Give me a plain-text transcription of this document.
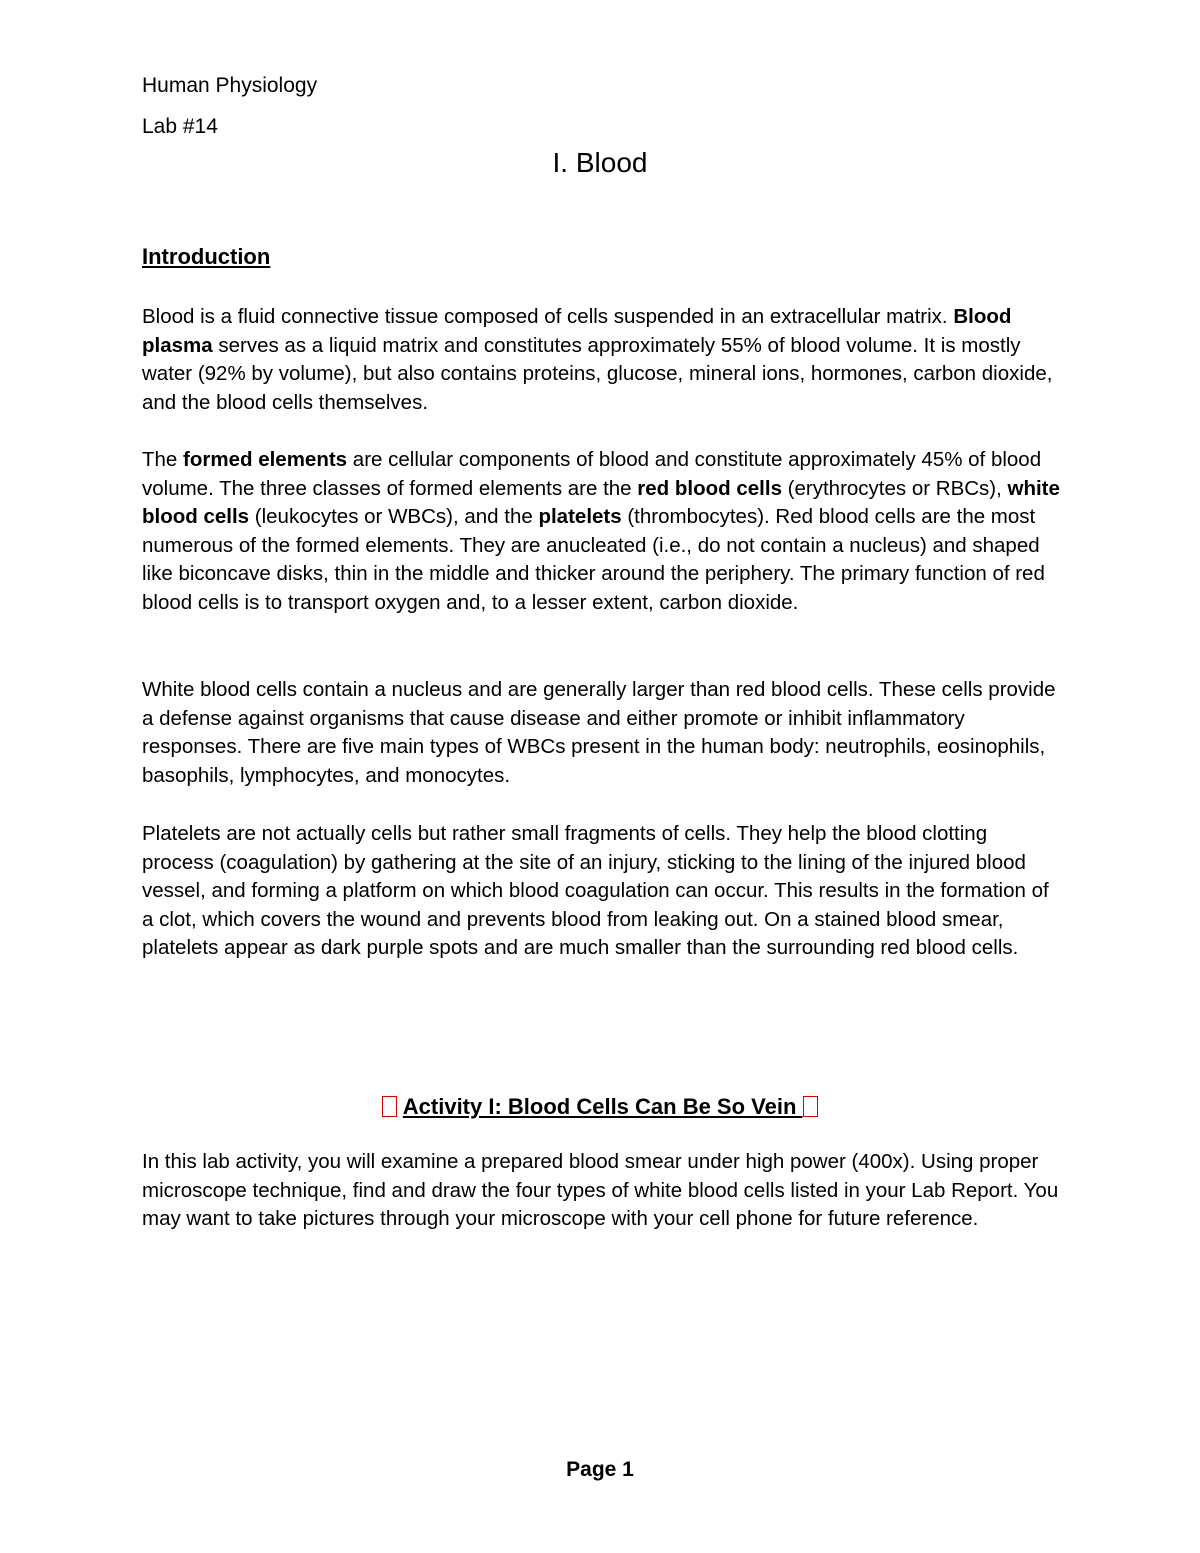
Human Physiology
Lab #14
I. Blood
Introduction

Blood is a fluid connective tissue composed of cells suspended in an extracellular matrix. Blood plasma serves as a liquid matrix and constitutes approximately 55% of blood volume. It is mostly water (92% by volume), but also contains proteins, glucose, mineral ions, hormones, carbon dioxide, and the blood cells themselves.

The formed elements are cellular components of blood and constitute approximately 45% of blood volume. The three classes of formed elements are the red blood cells (erythrocytes or RBCs), white blood cells (leukocytes or WBCs), and the platelets (thrombocytes). Red blood cells are the most numerous of the formed elements. They are anucleated (i.e., do not contain a nucleus) and shaped like biconcave disks, thin in the middle and thicker around the periphery. The primary function of red blood cells is to transport oxygen and, to a lesser extent, carbon dioxide.

White blood cells contain a nucleus and are generally larger than red blood cells. These cells provide a defense against organisms that cause disease and either promote or inhibit inflammatory responses. There are five main types of WBCs present in the human body: neutrophils, eosinophils, basophils, lymphocytes, and monocytes.

Platelets are not actually cells but rather small fragments of cells. They help the blood clotting process (coagulation) by gathering at the site of an injury, sticking to the lining of the injured blood vessel, and forming a platform on which blood coagulation can occur. This results in the formation of a clot, which covers the wound and prevents blood from leaking out. On a stained blood smear, platelets appear as dark purple spots and are much smaller than the surrounding red blood cells.

Activity I: Blood Cells Can Be So Vein

In this lab activity, you will examine a prepared blood smear under high power (400x). Using proper microscope technique, find and draw the four types of white blood cells listed in your Lab Report. You may want to take pictures through your microscope with your cell phone for future reference.

Page 1
